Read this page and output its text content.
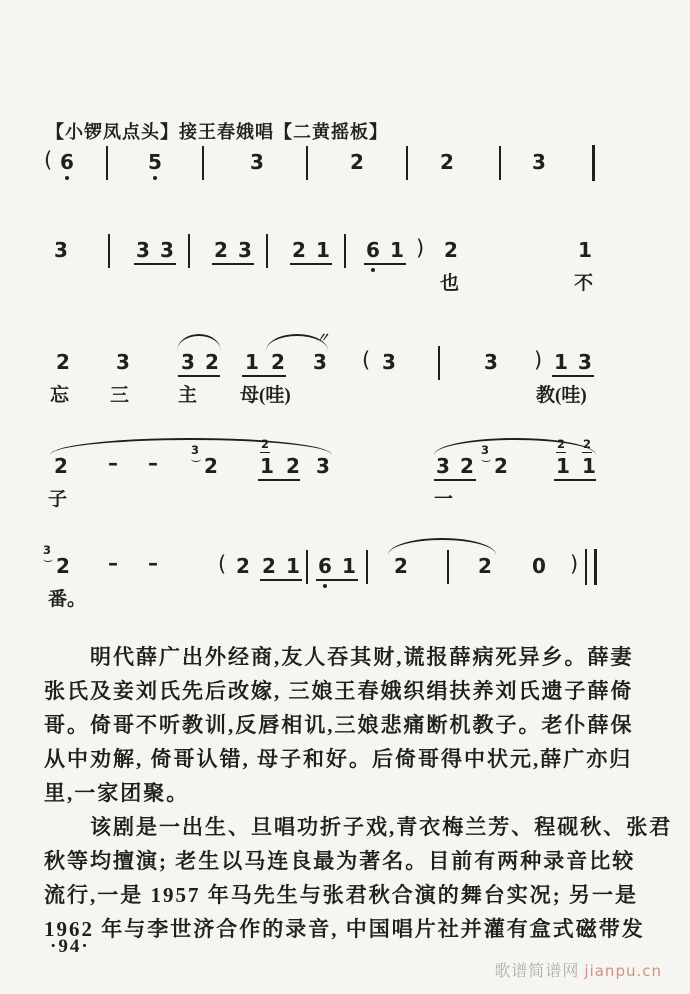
【小锣凤点头】接王春娥唱【二黄摇板】
( 6	5	3	2	2	3
3	3 3 2 3 2 1 6 1 ) 2	1
也	不
2 3	3 2 1 2 3
〃
( 3	3 ) 1 3
忘 三	主 母(哇)	教(哇)
2 – – 2
3
1
2
2 3	3 2 2
3
1
2
1
2
子	一
2
3
– –	( 2 2 1 6 1 2	2 0 )
番。
明代薛广出外经商,友人吞其财,谎报薛病死异乡。薛妻
张氏及妾刘氏先后改嫁, 三娘王春娥织绢扶养刘氏遗子薛倚
哥。倚哥不听教训,反唇相讥,三娘悲痛断机教子。老仆薛保
从中劝解, 倚哥认错, 母子和好。后倚哥得中状元,薛广亦归
里,一家团聚。
该剧是一出生、旦唱功折子戏,青衣梅兰芳、程砚秋、张君
秋等均擅演; 老生以马连良最为著名。目前有两种录音比较
流行,一是 1957 年马先生与张君秋合演的舞台实况; 另一是
1962 年与李世济合作的录音, 中国唱片社并灌有盒式磁带发
·94·
歌谱简谱网 jianpu.cn
